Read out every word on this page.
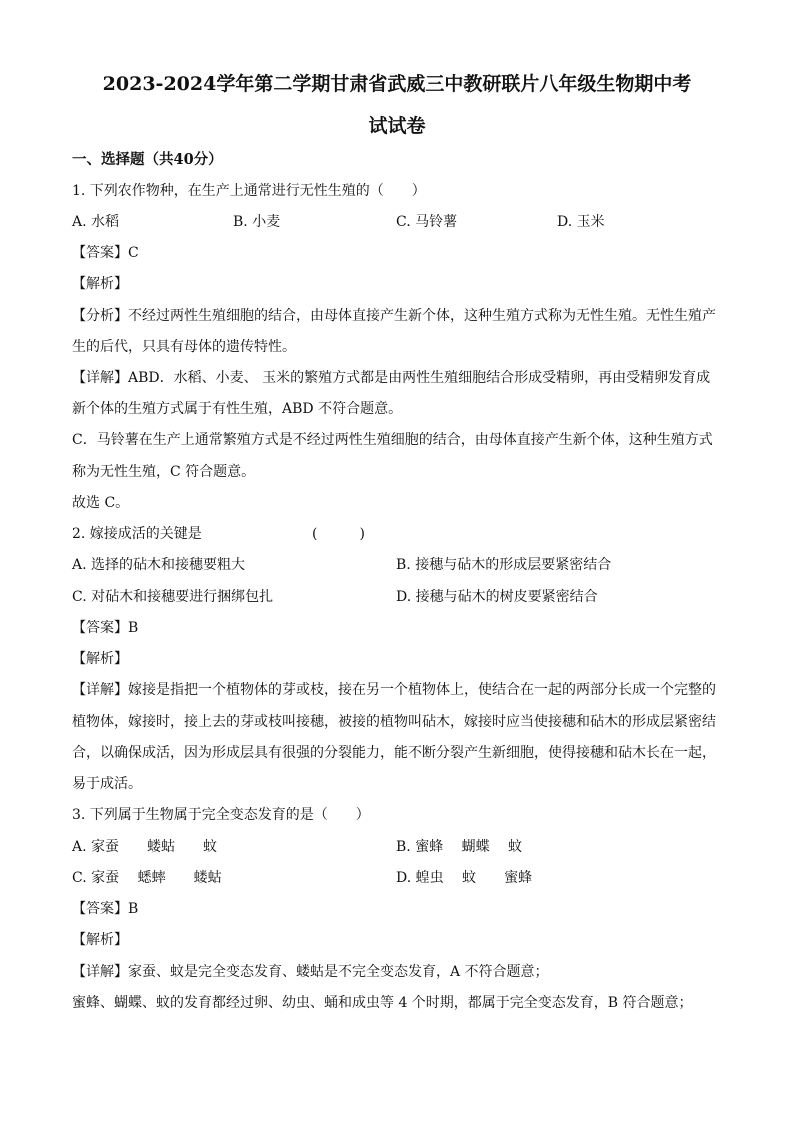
2023-2024学年第二学期甘肃省武威三中教研联片八年级生物期中考
试试卷
一、选择题（共40分）
1. 下列农作物种，在生产上通常进行无性生殖的（　　）
A. 水稻	B. 小麦	C. 马铃薯	D. 玉米
【答案】C
【解析】
【分析】不经过两性生殖细胞的结合，由母体直接产生新个体，这种生殖方式称为无性生殖。无性生殖产
生的后代，只具有母体的遗传特性。
【详解】ABD．水稻、小麦、 玉米的繁殖方式都是由两性生殖细胞结合形成受精卵，再由受精卵发育成
新个体的生殖方式属于有性生殖，ABD 不符合题意。
C．马铃薯在生产上通常繁殖方式是不经过两性生殖细胞的结合，由母体直接产生新个体，这种生殖方式
称为无性生殖，C 符合题意。
故选 C。
2. 嫁接成活的关键是	(　　　)
A. 选择的砧木和接穗要粗大	B. 接穗与砧木的形成层要紧密结合
C. 对砧木和接穗要进行捆绑包扎	D. 接穗与砧木的树皮要紧密结合
【答案】B
【解析】
【详解】嫁接是指把一个植物体的芽或枝，接在另一个植物体上，使结合在一起的两部分长成一个完整的
植物体，嫁接时，接上去的芽或枝叫接穗，被接的植物叫砧木，嫁接时应当使接穗和砧木的形成层紧密结
合，以确保成活，因为形成层具有很强的分裂能力，能不断分裂产生新细胞，使得接穗和砧木长在一起，
易于成活。
3. 下列属于生物属于完全变态发育的是（　　）
A. 家蚕　　蝼蛄　　蚊	B. 蜜蜂　 蝴蝶　 蚊
C. 家蚕　 蟋蟀　　蝼蛄	D. 蝗虫　 蚊　　蜜蜂
【答案】B
【解析】
【详解】家蚕、蚊是完全变态发育、蝼蛄是不完全变态发育，A 不符合题意；
蜜蜂、蝴蝶、蚊的发育都经过卵、幼虫、蛹和成虫等 4 个时期，都属于完全变态发育，B 符合题意；
